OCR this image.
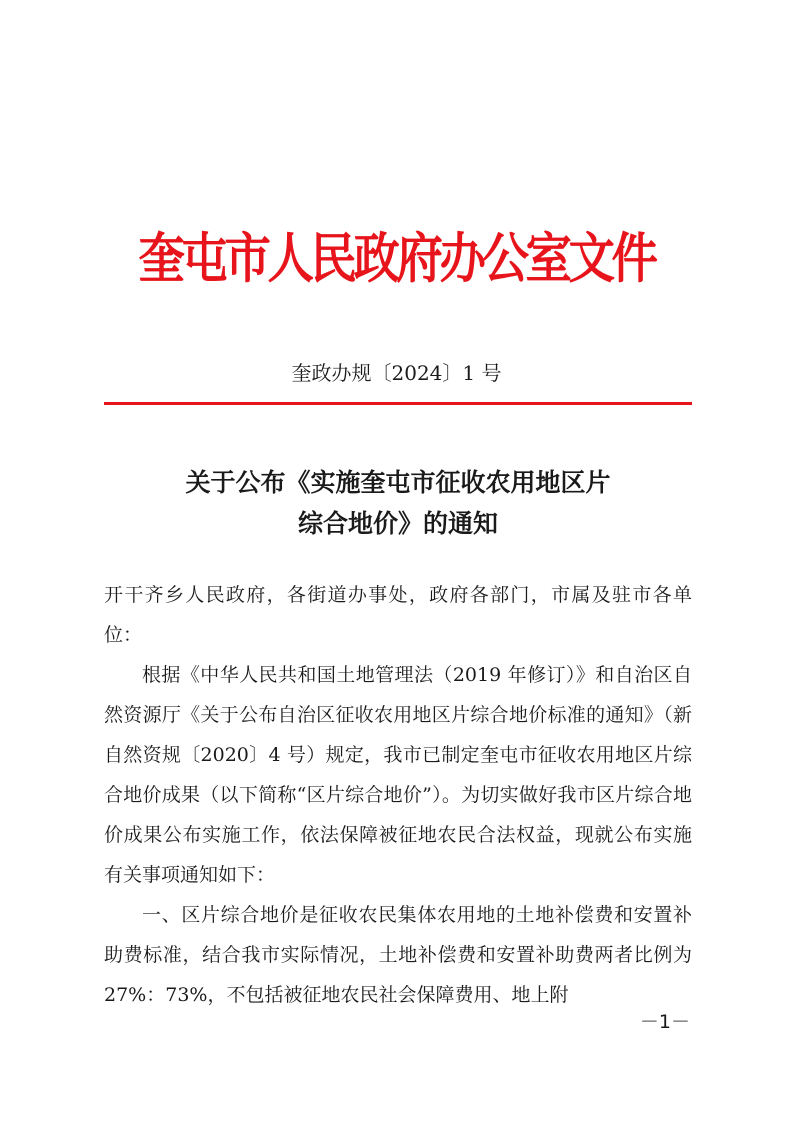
奎屯市人民政府办公室文件
奎政办规〔2024〕1 号
关于公布《实施奎屯市征收农用地区片
综合地价》的通知

开干齐乡人民政府，各街道办事处，政府各部门，市属及驻市各单位：

根据《中华人民共和国土地管理法（2019 年修订）》和自治区自然资源厅《关于公布自治区征收农用地区片综合地价标准的通知》（新自然资规〔2020〕4 号）规定，我市已制定奎屯市征收农用地区片综合地价成果（以下简称“区片综合地价”）。为切实做好我市区片综合地价成果公布实施工作，依法保障被征地农民合法权益，现就公布实施有关事项通知如下：

一、区片综合地价是征收农民集体农用地的土地补偿费和安置补助费标准，结合我市实际情况，土地补偿费和安置补助费两者比例为 27%：73%，不包括被征地农民社会保障费用、地上附

－1－
